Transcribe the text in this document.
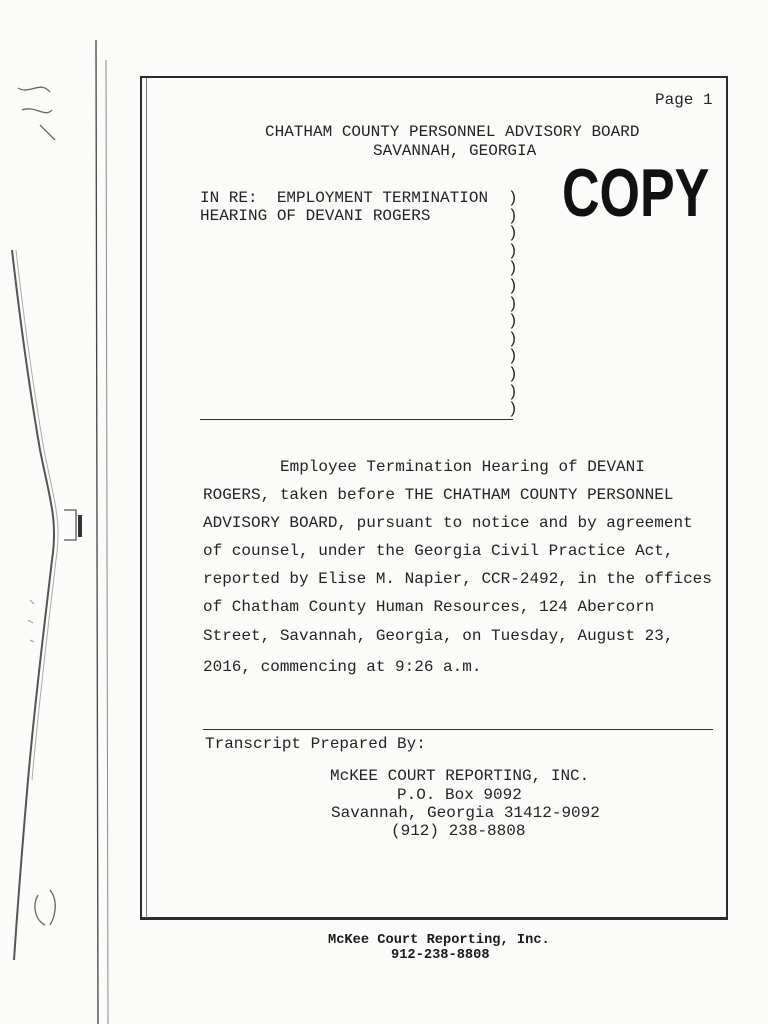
Page 1
CHATHAM COUNTY PERSONNEL ADVISORY BOARD
SAVANNAH, GEORGIA
COPY
IN RE:  EMPLOYMENT TERMINATION
HEARING OF DEVANI ROGERS
)
)
)
)
)
)
)
)
)
)
)
)
)
Employee Termination Hearing of DEVANI
ROGERS, taken before THE CHATHAM COUNTY PERSONNEL
ADVISORY BOARD, pursuant to notice and by agreement
of counsel, under the Georgia Civil Practice Act,
reported by Elise M. Napier, CCR-2492, in the offices
of Chatham County Human Resources, 124 Abercorn
Street, Savannah, Georgia, on Tuesday, August 23,
2016, commencing at 9:26 a.m.
Transcript Prepared By:
McKEE COURT REPORTING, INC.
P.O. Box 9092
Savannah, Georgia 31412-9092
(912) 238-8808
McKee Court Reporting, Inc.
912-238-8808
